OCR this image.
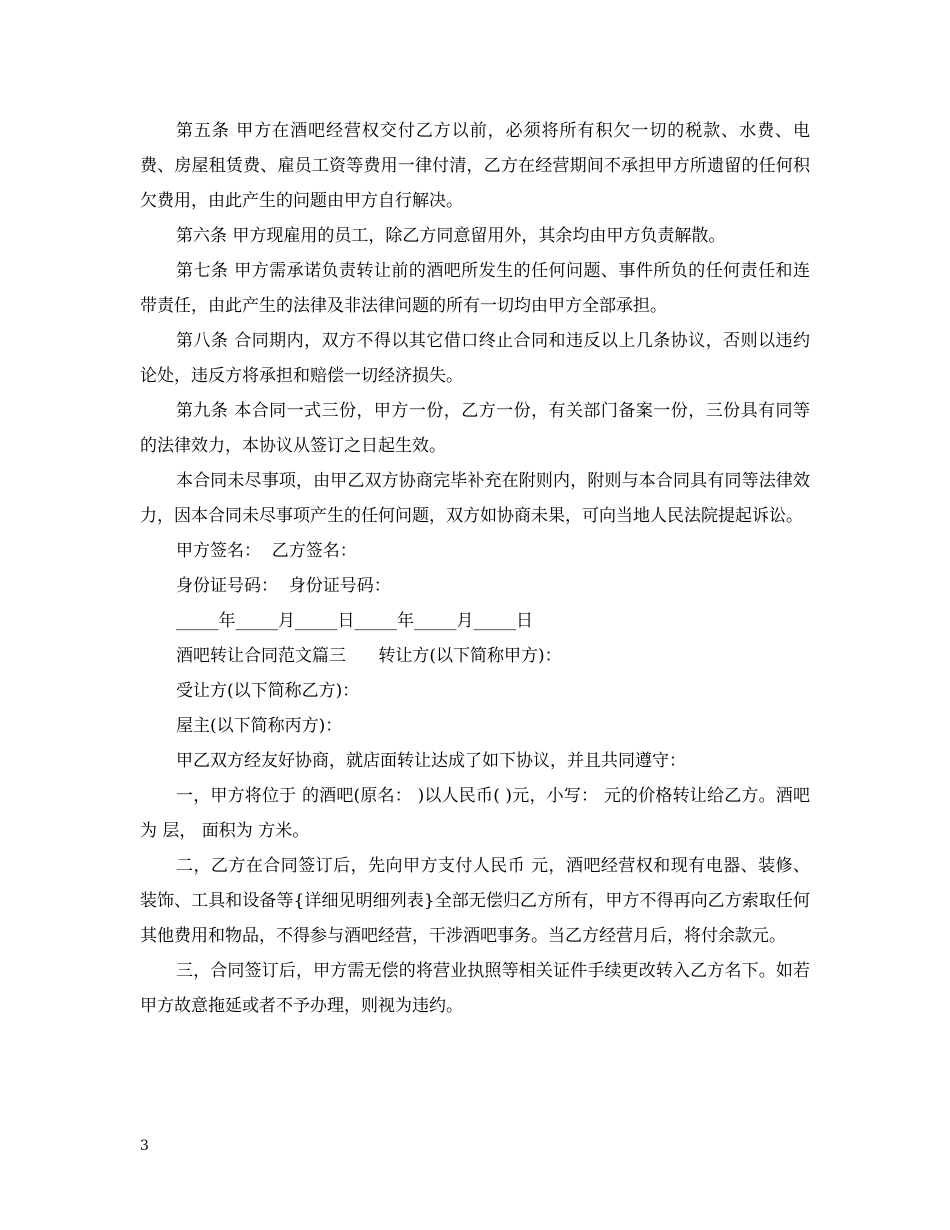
第五条 甲方在酒吧经营权交付乙方以前，必须将所有积欠一切的税款、水费、电费、房屋租赁费、雇员工资等费用一律付清，乙方在经营期间不承担甲方所遗留的任何积欠费用，由此产生的问题由甲方自行解决。

第六条 甲方现雇用的员工，除乙方同意留用外，其余均由甲方负责解散。

第七条 甲方需承诺负责转让前的酒吧所发生的任何问题、事件所负的任何责任和连带责任，由此产生的法律及非法律问题的所有一切均由甲方全部承担。

第八条 合同期内，双方不得以其它借口终止合同和违反以上几条协议，否则以违约论处，违反方将承担和赔偿一切经济损失。

第九条 本合同一式三份，甲方一份，乙方一份，有关部门备案一份，三份具有同等的法律效力，本协议从签订之日起生效。

本合同未尽事项，由甲乙双方协商完毕补充在附则内，附则与本合同具有同等法律效力，因本合同未尽事项产生的任何问题，双方如协商未果，可向当地人民法院提起诉讼。

甲方签名：  乙方签名：

身份证号码：  身份证号码：

_____年_____月_____日_____年_____月_____日

酒吧转让合同范文篇三      转让方(以下简称甲方)：

受让方(以下简称乙方)：

屋主(以下简称丙方)：

甲乙双方经友好协商，就店面转让达成了如下协议，并且共同遵守：

一，甲方将位于 的酒吧(原名： )以人民币( )元，小写： 元的价格转让给乙方。酒吧为 层， 面积为 方米。

二，乙方在合同签订后，先向甲方支付人民币 元，酒吧经营权和现有电器、装修、装饰、工具和设备等{详细见明细列表}全部无偿归乙方所有，甲方不得再向乙方索取任何其他费用和物品，不得参与酒吧经营，干涉酒吧事务。当乙方经营月后，将付余款元。

三，合同签订后，甲方需无偿的将营业执照等相关证件手续更改转入乙方名下。如若甲方故意拖延或者不予办理，则视为违约。

3
